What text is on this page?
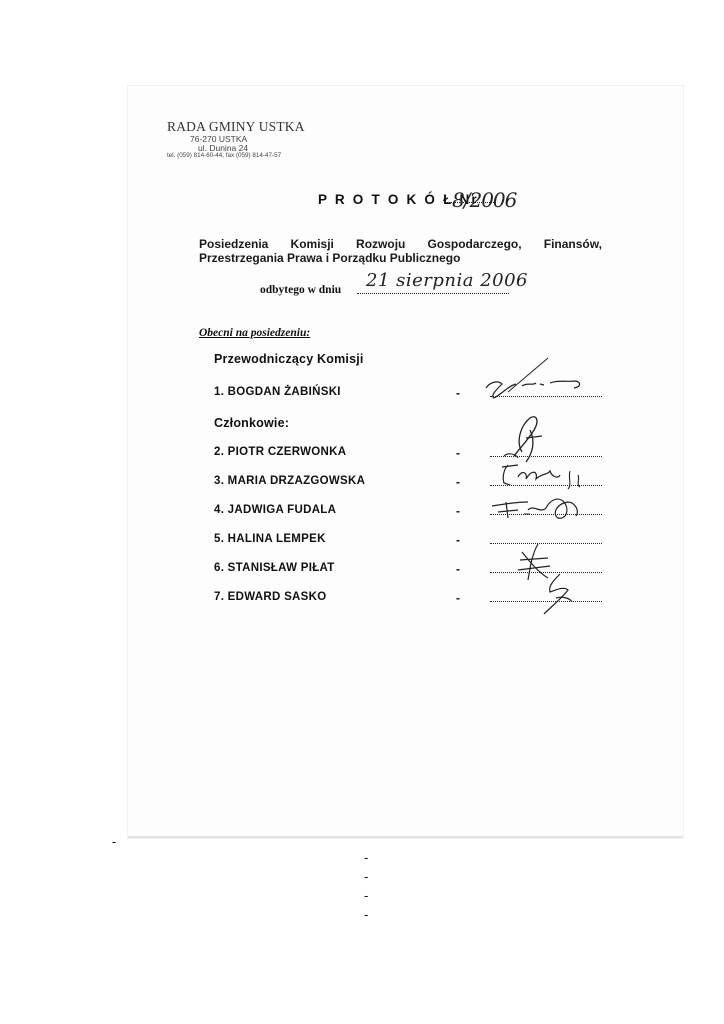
RADA GMINY USTKA
76-270 USTKA
ul. Dunina 24
tel. (059) 814-60-44, fax (059) 814-47-57
P R O T O K Ó Ł Nr
8/2006
Posiedzenia Komisji Rozwoju Gospodarczego, Finansów,
Przestrzegania Prawa i Porządku Publicznego
odbytego w dniu 21 sierpnia 2006
Obecni na posiedzeniu:
Przewodniczący Komisji
1. BOGDAN ŻABIŃSKI	-
Członkowie:
2. PIOTR CZERWONKA	-
3. MARIA DRZAZGOWSKA	-
4. JADWIGA FUDALA	-
5. HALINA LEMPEK	-
6. STANISŁAW PIŁAT	-
7. EDWARD SASKO	-
-
-
-
-
-
